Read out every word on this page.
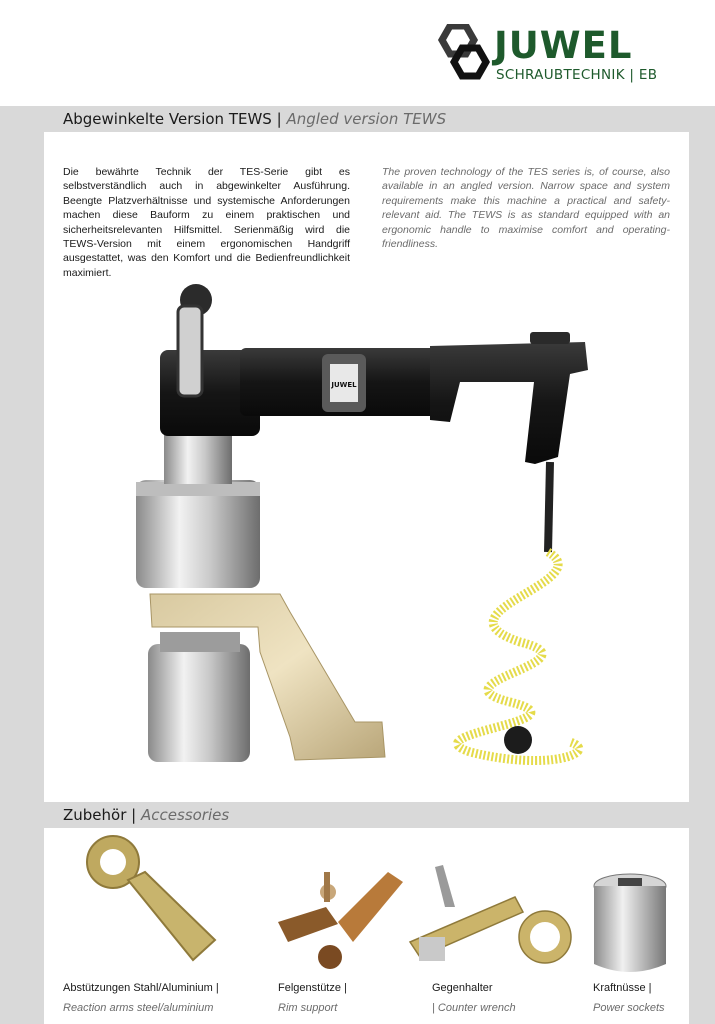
JUWEL
SCHRAUBTECHNIK | EB
Abgewinkelte Version TEWS | Angled version TEWS
Die bewährte Technik der TES-Serie gibt es selbstverständlich auch in abgewinkelter Ausführung. Beengte Platzverhältnisse und systemische Anforderungen machen diese Bauform zu einem praktischen und sicherheitsrelevanten Hilfsmittel. Serienmäßig wird die TEWS-Version mit einem ergonomischen Handgriff ausgestattet, was den Komfort und die Bedienfreundlichkeit maximiert.
The proven technology of the TES series is, of course, also available in an angled version. Narrow space and system requirements make this machine a practical and safety-relevant aid. The TEWS is as standard equipped with an ergonomic handle to maximise comfort and operating-friendliness.
JUWEL
Zubehör | Accessories
Abstützungen Stahl/Aluminium |
Reaction arms steel/aluminium
Felgenstütze |
Rim support
Gegenhalter
| Counter wrench
Kraftnüsse |
Power sockets
